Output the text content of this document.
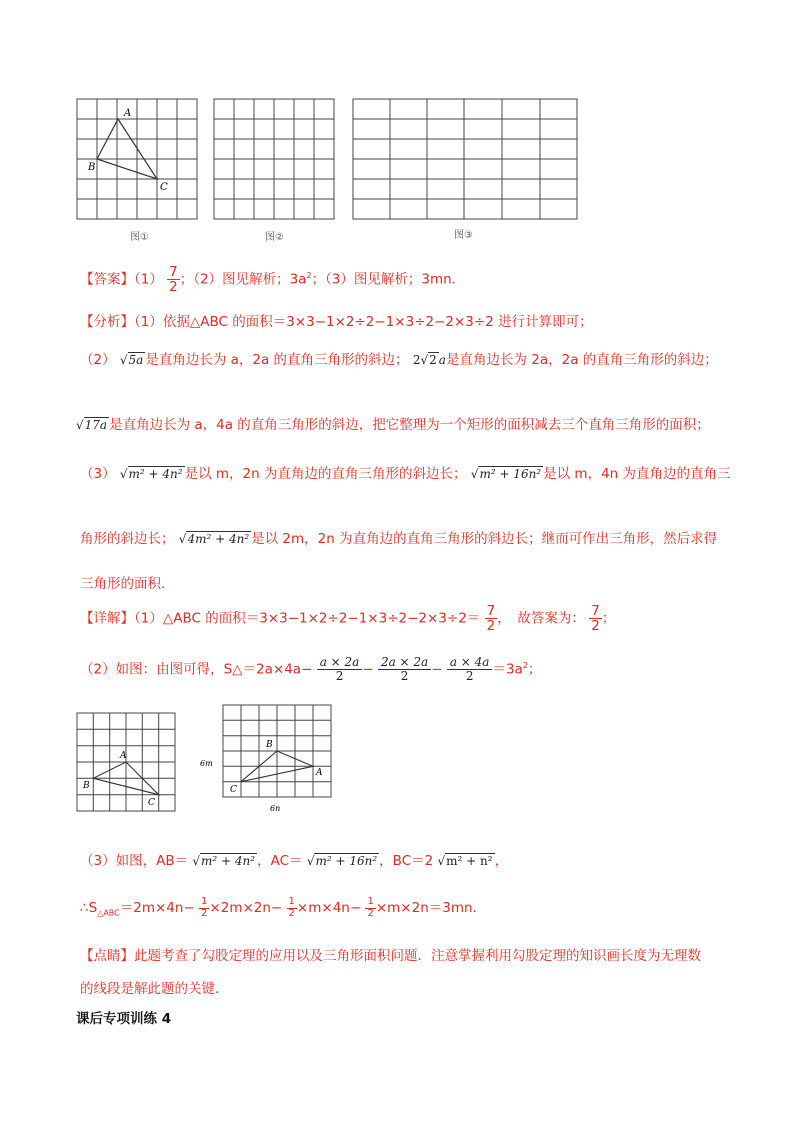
A
B
C
图①	图②	图③
【答案】$(1) \frac{7}{2}$ ；（2）图见解析；$3a^2$；（3）图见解析；3mn．
【分析】（1）依据△ABC 的面积＝3×3−1×2÷2−1×3÷2−2×3÷2 进行计算即可；
（2） √5a 是直角边长为 a，2a 的直角三角形的斜边； 2√2 a是直角边长为 2a，2a 的直角三角形的斜边；
√17a 是直角边长为 a，4a 的直角三角形的斜边，把它整理为一个矩形的面积减去三个直角三角形的面积；
（3） √m² + 4n² 是以 m，2n 为直角边的直角三角形的斜边长； √m² + 16n² 是以 m，4n 为直角边的直角三
角形的斜边长； √4m² + 4n² 是以 2m，2n 为直角边的直角三角形的斜边长；继而可作出三角形，然后求得
三角形的面积．
【详解】（1）△ABC 的面积$=3\times 3-1\times 2\div 2-1\times 3\div 2-2\times 3\div 2= \frac{7}{2}$ ，　故答案为： $\frac{7}{2}$ ；
（2）如图：由图可得，S△＝2a×4a− $\frac{a \times 2a}{2} - \frac{2a \times 2a}{2} - \frac{a \times 4a}{2} =3a^2$；
A
B
C
B
A
C
6m
6n
（3）如图，AB＝ √m² + 4n² ，AC＝ √m² + 16n² ，BC＝2 √m² + n² ，
$\therefore S_{\triangle ABC}=2m\times 4n- \frac{1}{2} \times 2m\times 2n- \frac{1}{2} \times m\times 4n- \frac{1}{2} \times m\times 2n=3mn$．
【点睛】此题考查了勾股定理的应用以及三角形面积问题．注意掌握利用勾股定理的知识画长度为无理数
的线段是解此题的关键．
课后专项训练 4
